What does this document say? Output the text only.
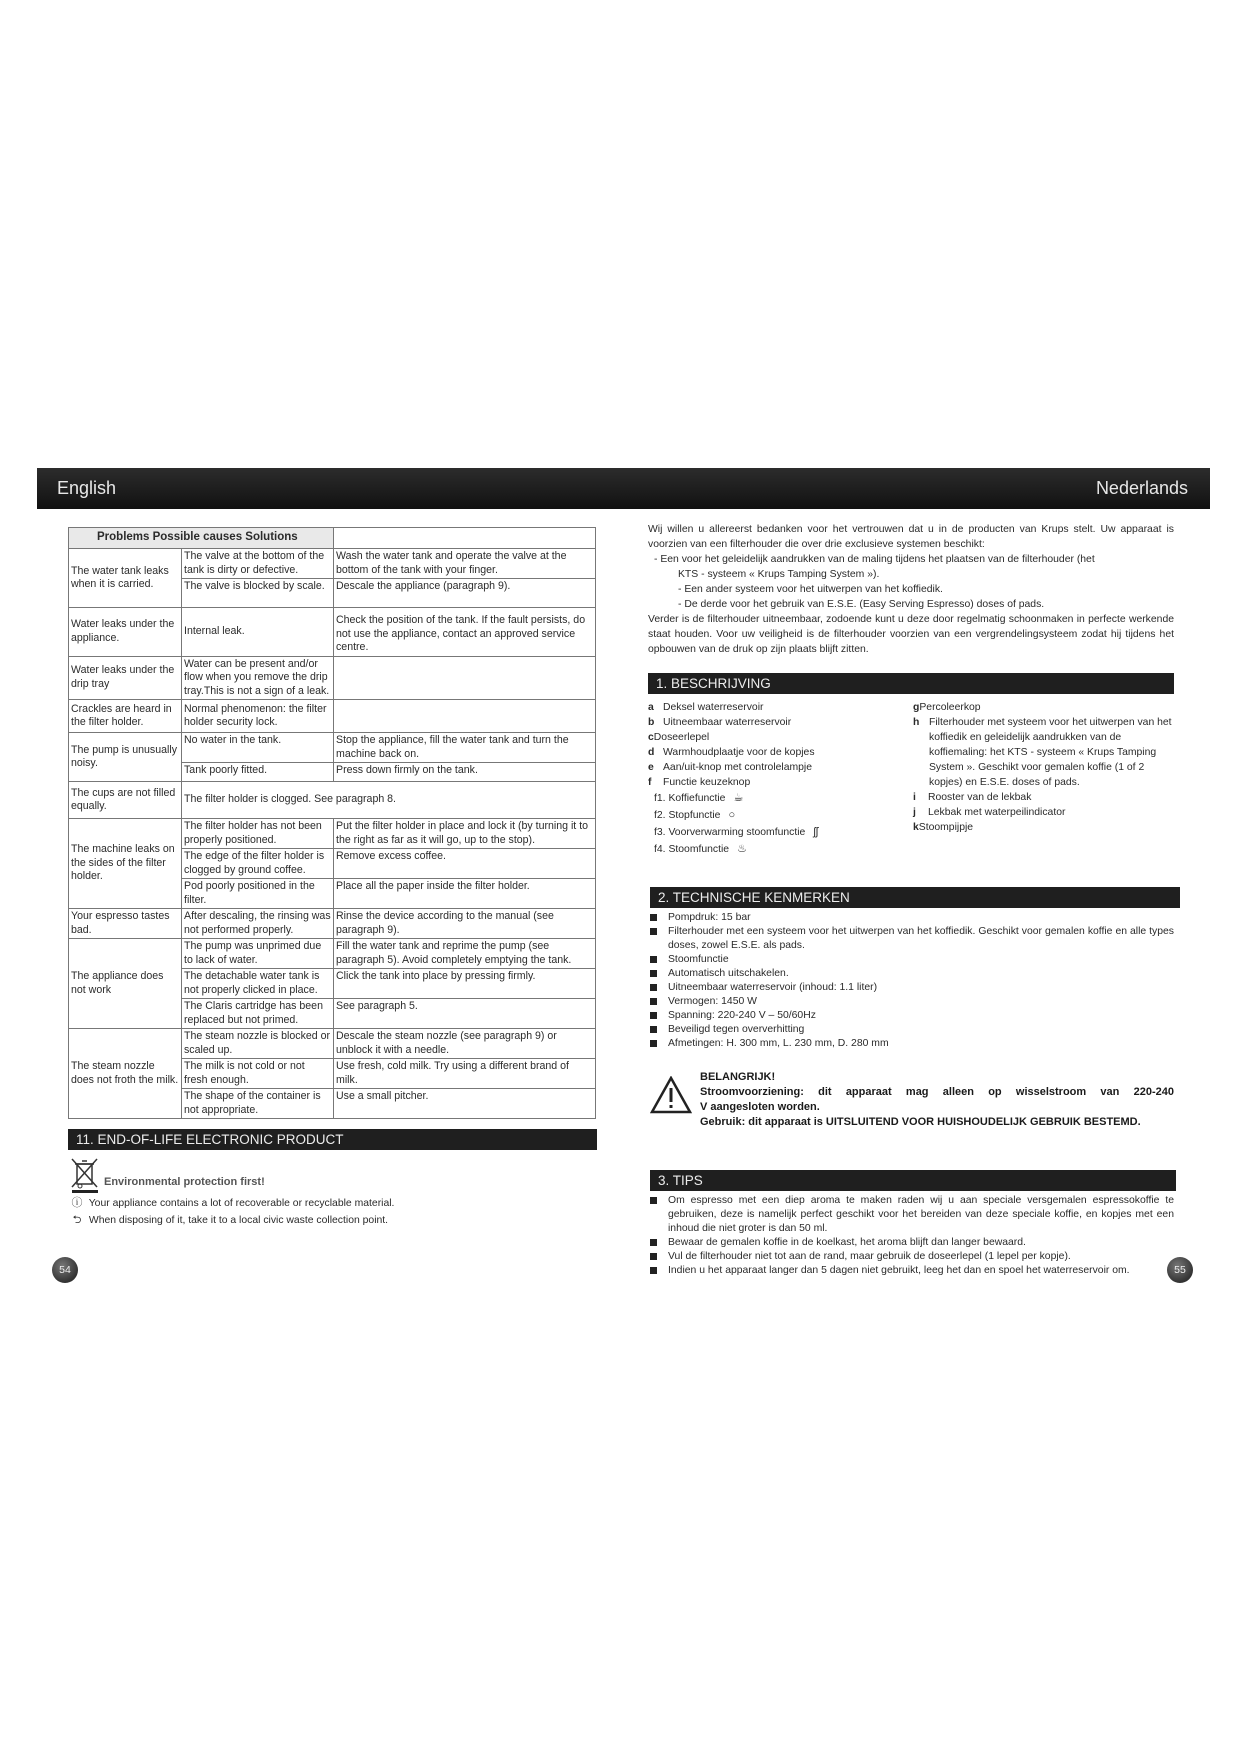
English	Nederlands
Problems Possible causes Solutions		
The water tank leaks when it is carried.	The valve at the bottom of the tank is dirty or defective.	Wash the water tank and operate the valve at the bottom of the tank with your finger.
	The valve is blocked by scale.	Descale the appliance (paragraph 9).
Water leaks under the appliance.	Internal leak.	Check the position of the tank. If the fault persists, do not use the appliance, contact an approved service centre.
Water leaks under the drip tray	Water can be present and/or flow when you remove the drip tray.This is not a sign of a leak.	
Crackles are heard in the filter holder.	Normal phenomenon: the filter holder security lock.	
The pump is unusually noisy.	No water in the tank.	Stop the appliance, fill the water tank and turn the machine back on.
	Tank poorly fitted.	Press down firmly on the tank.
The cups are not filled equally.	The filter holder is clogged. See paragraph 8.	
The machine leaks on the sides of the filter holder.	The filter holder has not been properly positioned.	Put the filter holder in place and lock it (by turning it to the right as far as it will go, up to the stop).
	The edge of the filter holder is clogged by ground coffee.	Remove excess coffee.
	Pod poorly positioned in the filter.	Place all the paper inside the filter holder.
Your espresso tastes bad.	After descaling, the rinsing was not performed properly.	Rinse the device according to the manual (see paragraph 9).
The appliance does not work	The pump was unprimed due to lack of water.	Fill the water tank and reprime the pump (see paragraph 5). Avoid completely emptying the tank.
	The detachable water tank is not properly clicked in place.	Click the tank into place by pressing firmly.
	The Claris cartridge has been replaced but not primed.	See paragraph 5.
The steam nozzle does not froth the milk.	The steam nozzle is blocked or scaled up.	Descale the steam nozzle (see paragraph 9) or unblock it with a needle.
	The milk is not cold or not fresh enough.	Use fresh, cold milk. Try using a different brand of milk.
	The shape of the container is not appropriate.	Use a small pitcher.
11. END-OF-LIFE ELECTRONIC PRODUCT
Environmental protection first!
ⓘ Your appliance contains a lot of recoverable or recyclable material.
⮌ When disposing of it, take it to a local civic waste collection point.
54	55

Wij willen u allereerst bedanken voor het vertrouwen dat u in de producten van Krups stelt. Uw apparaat is voorzien van een filterhouder die over drie exclusieve systemen beschikt:

- Een voor het geleidelijk aandrukken van de maling tijdens het plaatsen van de filterhouder (het
KTS - systeem « Krups Tamping System »).
- Een ander systeem voor het uitwerpen van het koffiedik.
- De derde voor het gebruik van E.S.E. (Easy Serving Espresso) doses of pads.

Verder is de filterhouder uitneembaar, zodoende kunt u deze door regelmatig schoonmaken in perfecte werkende staat houden. Voor uw veiligheid is de filterhouder voorzien van een vergrendelingsysteem zodat hij tijdens het opbouwen van de druk op zijn plaats blijft zitten.

1. BESCHRIJVING
a Deksel waterreservoir
b Uitneembaar waterreservoir
cDoseerlepel
d Warmhoudplaatje voor de kopjes
e Aan/uit-knop met controlelampje
f Functie keuzeknop
f1. Koffiefunctie ☕
f2. Stopfunctie ○
f3. Voorverwarming stoomfunctie ʃʃ
f4. Stoomfunctie ♨
gPercoleerkop
h Filterhouder met systeem voor het uitwerpen van het koffiedik en geleidelijk aandrukken van de koffiemaling: het KTS - systeem « Krups Tamping System ». Geschikt voor gemalen koffie (1 of 2 kopjes) en E.S.E. doses of pads.
i Rooster van de lekbak
j Lekbak met waterpeilindicator
kStoompijpje
2. TECHNISCHE KENMERKEN
Pompdruk: 15 bar
Filterhouder met een systeem voor het uitwerpen van het koffiedik. Geschikt voor gemalen koffie en alle types doses, zowel E.S.E. als pads.
Stoomfunctie
Automatisch uitschakelen.
Uitneembaar waterreservoir (inhoud: 1.1 liter)
Vermogen: 1450 W
Spanning: 220-240 V – 50/60Hz
Beveiligd tegen oververhitting
Afmetingen: H. 300 mm, L. 230 mm, D. 280 mm
BELANGRIJK!
Stroomvoorziening: dit apparaat mag alleen op wisselstroom van 220-240
V aangesloten worden.
Gebruik: dit apparaat is UITSLUITEND VOOR HUISHOUDELIJK GEBRUIK BESTEMD.
3. TIPS
Om espresso met een diep aroma te maken raden wij u aan speciale versgemalen espressokoffie te gebruiken, deze is namelijk perfect geschikt voor het bereiden van deze speciale koffie, en kopjes met een inhoud die niet groter is dan 50 ml.
Bewaar de gemalen koffie in de koelkast, het aroma blijft dan langer bewaard.
Vul de filterhouder niet tot aan de rand, maar gebruik de doseerlepel (1 lepel per kopje).
Indien u het apparaat langer dan 5 dagen niet gebruikt, leeg het dan en spoel het waterreservoir om.
